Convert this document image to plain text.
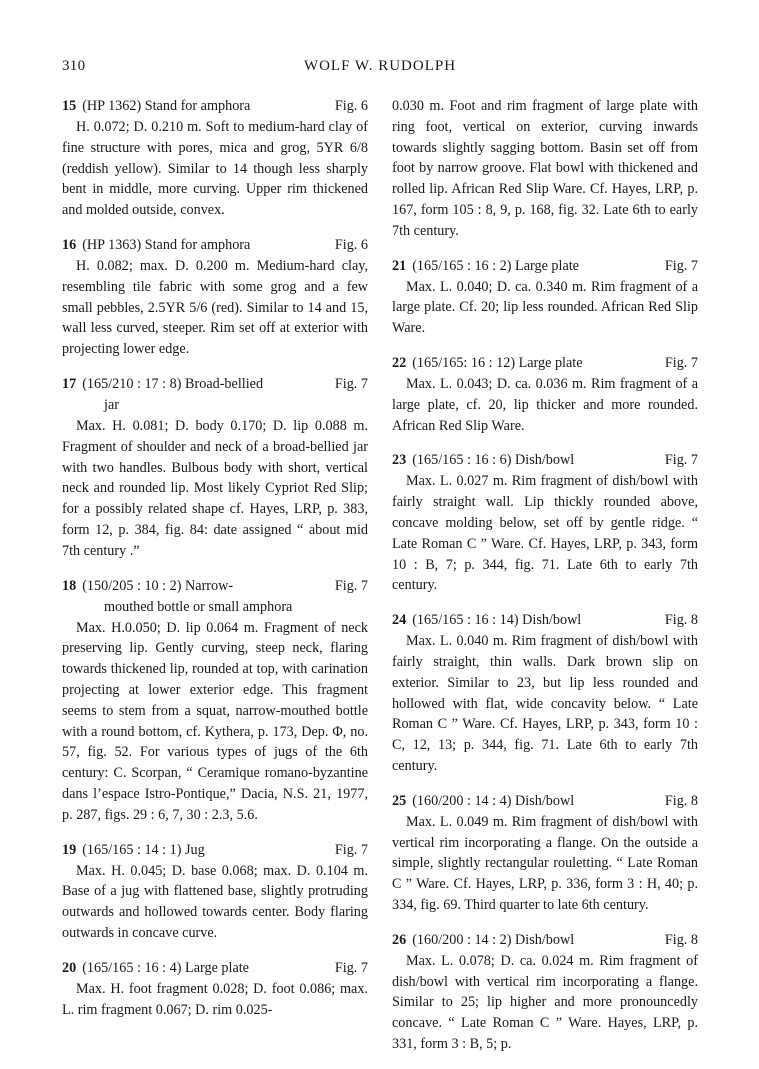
310	WOLF W. RUDOLPH
15 (HP 1362) Stand for amphora	Fig. 6

H. 0.072; D. 0.210 m. Soft to medium-hard clay of fine structure with pores, mica and grog, 5YR 6/8 (reddish yellow). Similar to 14 though less sharply bent in middle, more curving. Upper rim thickened and molded outside, convex.

16 (HP 1363) Stand for amphora	Fig. 6

H. 0.082; max. D. 0.200 m. Medium-hard clay, resembling tile fabric with some grog and a few small pebbles, 2.5YR 5/6 (red). Similar to 14 and 15, wall less curved, steeper. Rim set off at exterior with projecting lower edge.

17 (165/210 : 17 : 8) Broad-bellied	Fig. 7
jar

Max. H. 0.081; D. body 0.170; D. lip 0.088 m. Fragment of shoulder and neck of a broad-bellied jar with two handles. Bulbous body with short, vertical neck and rounded lip. Most likely Cypriot Red Slip; for a possibly related shape cf. Hayes, LRP, p. 383, form 12, p. 384, fig. 84: date assigned “ about mid 7th century .”

18 (150/205 : 10 : 2) Narrow-	Fig. 7
mouthed bottle or small amphora

Max. H.0.050; D. lip 0.064 m. Fragment of neck preserving lip. Gently curving, steep neck, flaring towards thickened lip, rounded at top, with carination projecting at lower exterior edge. This fragment seems to stem from a squat, narrow-mouthed bottle with a round bottom, cf. Kythera, p. 173, Dep. Φ, no. 57, fig. 52. For various types of jugs of the 6th century: C. Scorpan, “ Ceramique romano-byzantine dans l’espace Istro-Pontique,” Dacia, N.S. 21, 1977, p. 287, figs. 29 : 6, 7, 30 : 2.3, 5.6.

19 (165/165 : 14 : 1) Jug	Fig. 7

Max. H. 0.045; D. base 0.068; max. D. 0.104 m. Base of a jug with flattened base, slightly protruding outwards and hollowed towards center. Body flaring outwards in concave curve.

20 (165/165 : 16 : 4) Large plate	Fig. 7

Max. H. foot fragment 0.028; D. foot 0.086; max. L. rim fragment 0.067; D. rim 0.025-

0.030 m. Foot and rim fragment of large plate with ring foot, vertical on exterior, curving inwards towards slightly sagging bottom. Basin set off from foot by narrow groove. Flat bowl with thickened and rolled lip. African Red Slip Ware. Cf. Hayes, LRP, p. 167, form 105 : 8, 9, p. 168, fig. 32. Late 6th to early 7th century.

21 (165/165 : 16 : 2) Large plate	Fig. 7

Max. L. 0.040; D. ca. 0.340 m. Rim fragment of a large plate. Cf. 20; lip less rounded. African Red Slip Ware.

22 (165/165: 16 : 12) Large plate	Fig. 7

Max. L. 0.043; D. ca. 0.036 m. Rim fragment of a large plate, cf. 20, lip thicker and more rounded. African Red Slip Ware.

23 (165/165 : 16 : 6) Dish/bowl	Fig. 7

Max. L. 0.027 m. Rim fragment of dish/bowl with fairly straight wall. Lip thickly rounded above, concave molding below, set off by gentle ridge. “ Late Roman C ” Ware. Cf. Hayes, LRP, p. 343, form 10 : B, 7; p. 344, fig. 71. Late 6th to early 7th century.

24 (165/165 : 16 : 14) Dish/bowl	Fig. 8

Max. L. 0.040 m. Rim fragment of dish/bowl with fairly straight, thin walls. Dark brown slip on exterior. Similar to 23, but lip less rounded and hollowed with flat, wide concavity below. “ Late Roman C ” Ware. Cf. Hayes, LRP, p. 343, form 10 : C, 12, 13; p. 344, fig. 71. Late 6th to early 7th century.

25 (160/200 : 14 : 4) Dish/bowl	Fig. 8

Max. L. 0.049 m. Rim fragment of dish/bowl with vertical rim incorporating a flange. On the outside a simple, slightly rectangular rouletting. “ Late Roman C ” Ware. Cf. Hayes, LRP, p. 336, form 3 : H, 40; p. 334, fig. 69. Third quarter to late 6th century.

26 (160/200 : 14 : 2) Dish/bowl	Fig. 8

Max. L. 0.078; D. ca. 0.024 m. Rim fragment of dish/bowl with vertical rim incorporating a flange. Similar to 25; lip higher and more pronouncedly concave. “ Late Roman C ” Ware. Hayes, LRP, p. 331, form 3 : B, 5; p.
